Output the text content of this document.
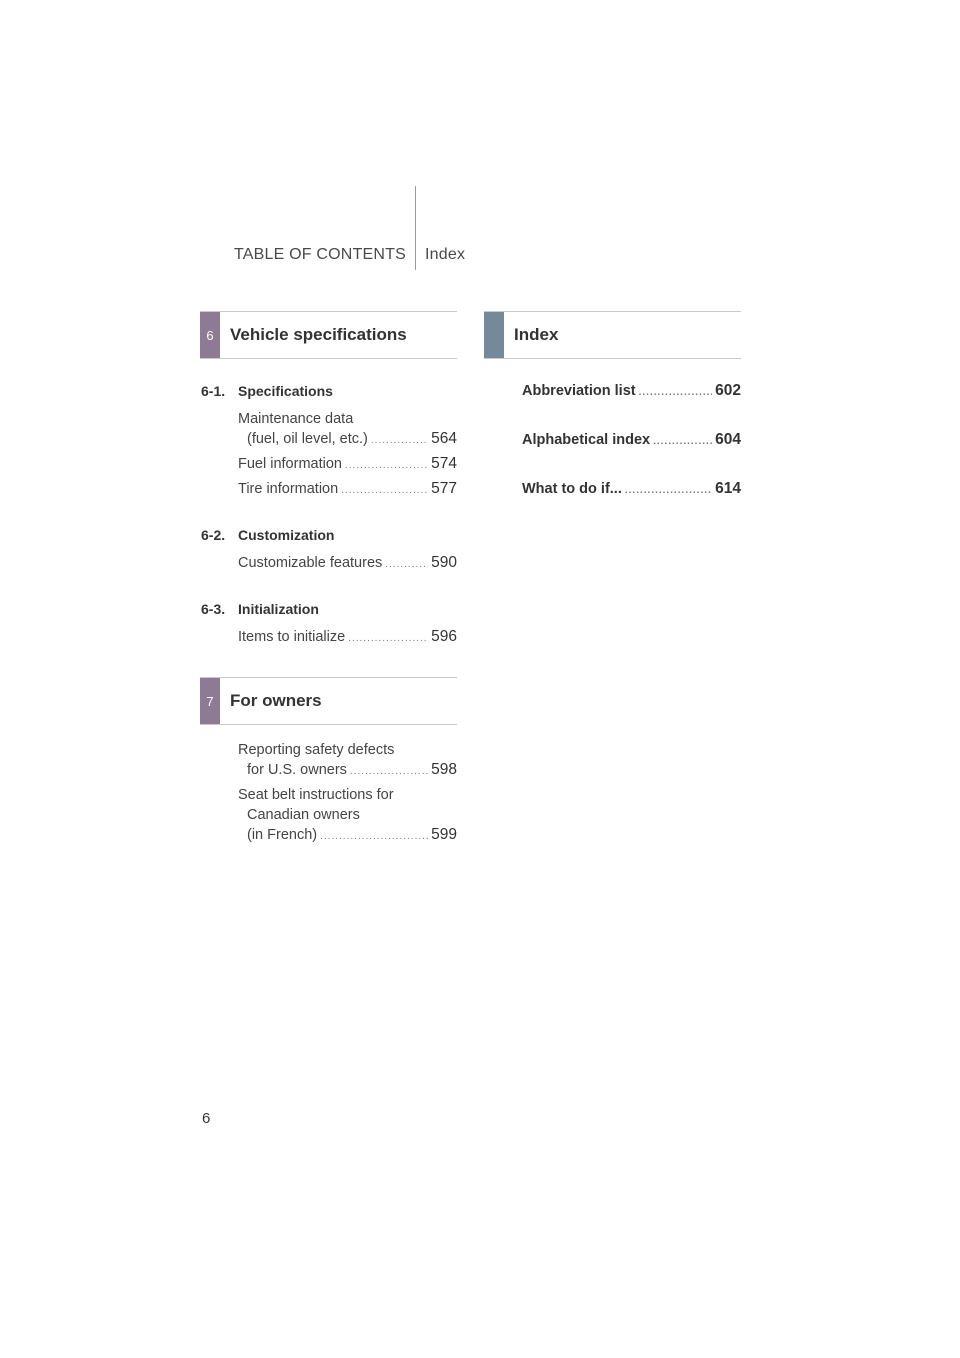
TABLE OF CONTENTS Index
6 Vehicle specifications
6-1. Specifications
Maintenance data
(fuel, oil level, etc.) .....	564
Fuel information .....	574
Tire information .....	577
6-2. Customization
Customizable features .....	590
6-3. Initialization
Items to initialize .....	596
7 For owners
Reporting safety defects
for U.S. owners .....	598
Seat belt instructions for
Canadian owners
(in French) .....	599
Index
Abbreviation list .....	602
Alphabetical index .....	604
What to do if... .....	614
6
